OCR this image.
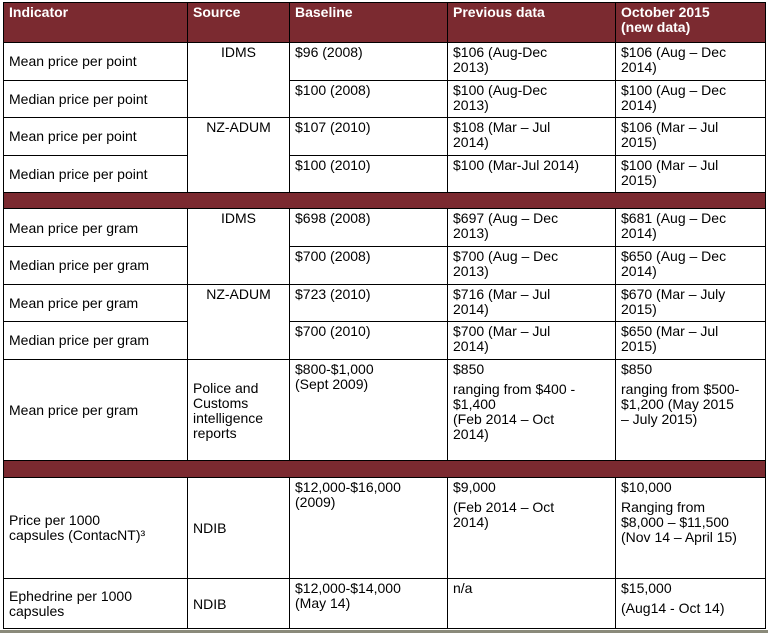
Indicator	Source	Baseline	Previous data	October 2015
(new data)

Mean price per point	IDMS	$96 (2008)	$106 (Aug-Dec
2013)	$106 (Aug – Dec
2014)

Median price per point		$100 (2008)	$100 (Aug-Dec
2013)	$100 (Aug – Dec
2014)

Mean price per point	NZ-ADUM	$107 (2010)	$108 (Mar – Jul
2014)	$106 (Mar – Jul
2015)

Median price per point		$100 (2010)	$100 (Mar-Jul 2014)	$100 (Mar – Jul
2015)

Mean price per gram	IDMS	$698 (2008)	$697 (Aug – Dec
2013)	$681 (Aug – Dec
2014)

Median price per gram		$700 (2008)	$700 (Aug – Dec
2013)	$650 (Aug – Dec
2014)

Mean price per gram	NZ-ADUM	$723 (2010)	$716 (Mar – Jul
2014)	$670 (Mar – July
2015)

Median price per gram		$700 (2010)	$700 (Mar – Jul
2014)	$650 (Mar – Jul
2015)

Mean price per gram	Police and
Customs
intelligence
reports	$800-$1,000
(Sept 2009)	$850
ranging from $400 -
$1,400
(Feb 2014 – Oct
2014)	$850
ranging from $500-
$1,200 (May 2015
– July 2015)

Price per 1000
capsules (ContacNT)³	NDIB	$12,000-$16,000
(2009)	$9,000
(Feb 2014 – Oct
2014)	$10,000
Ranging from
$8,000 – $11,500
(Nov 14 – April 15)

Ephedrine per 1000
capsules	NDIB	$12,000-$14,000
(May 14)	n/a	$15,000
(Aug14 - Oct 14)
